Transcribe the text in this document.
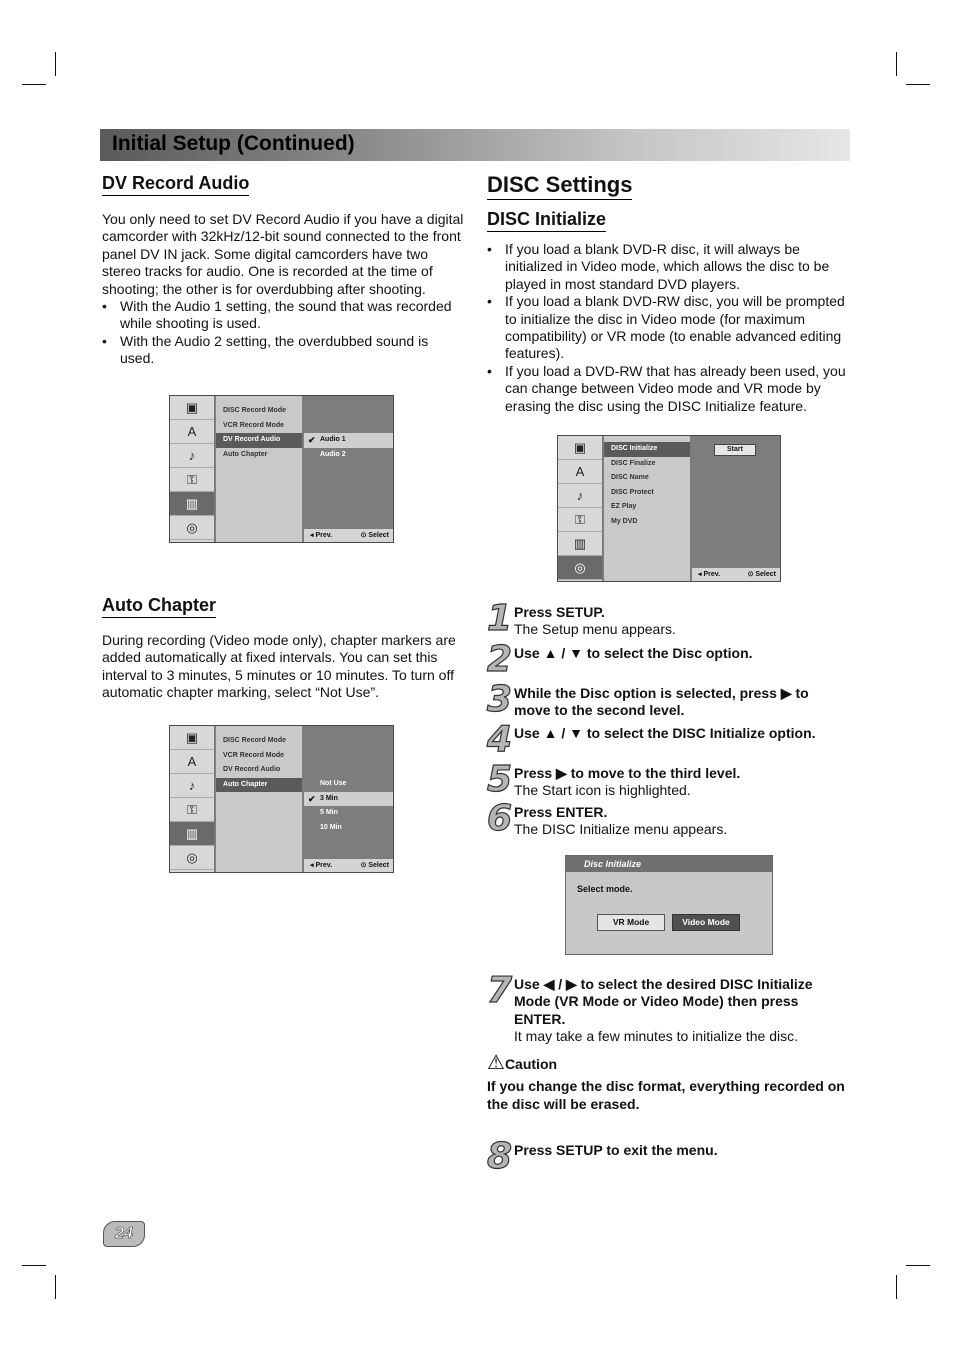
Initial Setup (Continued)
DV Record Audio

You only need to set DV Record Audio if you have a digital camcorder with 32kHz/12-bit sound connected to the front panel DV IN jack. Some digital camcorders have two stereo tracks for audio. One is recorded at the time of shooting; the other is for overdubbing after shooting.

• With the Audio 1 setting, the sound that was recorded while shooting is used.
• With the Audio 2 setting, the overdubbed sound is used.
▣
A
♪
⚿
▥
◎
DISC Record Mode
VCR Record Mode
DV Record Audio
Auto Chapter
✔ Audio 1
Audio 2
◂ Prev.	⊙ Select
Auto Chapter

During recording (Video mode only), chapter markers are added automatically at fixed intervals. You can set this interval to 3 minutes, 5 minutes or 10 minutes. To turn off automatic chapter marking, select “Not Use”.

▣
A
♪
⚿
▥
◎
DISC Record Mode
VCR Record Mode
DV Record Audio
Auto Chapter	Not Use
✔ 3 Min
5 Min
10 Min
◂ Prev.	⊙ Select
DISC Settings
DISC Initialize
• If you load a blank DVD-R disc, it will always be initialized in Video mode, which allows the disc to be played in most standard DVD players.
• If you load a blank DVD-RW disc, you will be prompted to initialize the disc in Video mode (for maximum compatibility) or VR mode (to enable advanced editing features).
• If you load a DVD-RW that has already been used, you can change between Video mode and VR mode by erasing the disc using the DISC Initialize feature.
▣
A
♪
⚿
▥
◎
DISC Initialize
DISC Finalize
DISC Name
DISC Protect
EZ Play
My DVD
Start
◂ Prev.	⊙ Select
1 Press SETUP.
The Setup menu appears.
2 Use ▲ / ▼ to select the Disc option.
3 While the Disc option is selected, press ▶ to move to the second level.
4 Use ▲ / ▼ to select the DISC Initialize option.
5 Press ▶ to move to the third level.
The Start icon is highlighted.
6 Press ENTER.
The DISC Initialize menu appears.
Disc Initialize
Select mode.
VR Mode	Video Mode
7 Use ◀ / ▶ to select the desired DISC Initialize Mode (VR Mode or Video Mode) then press ENTER.
It may take a few minutes to initialize the disc.
⚠Caution

If you change the disc format, everything recorded on the disc will be erased.

8 Press SETUP to exit the menu.
24
